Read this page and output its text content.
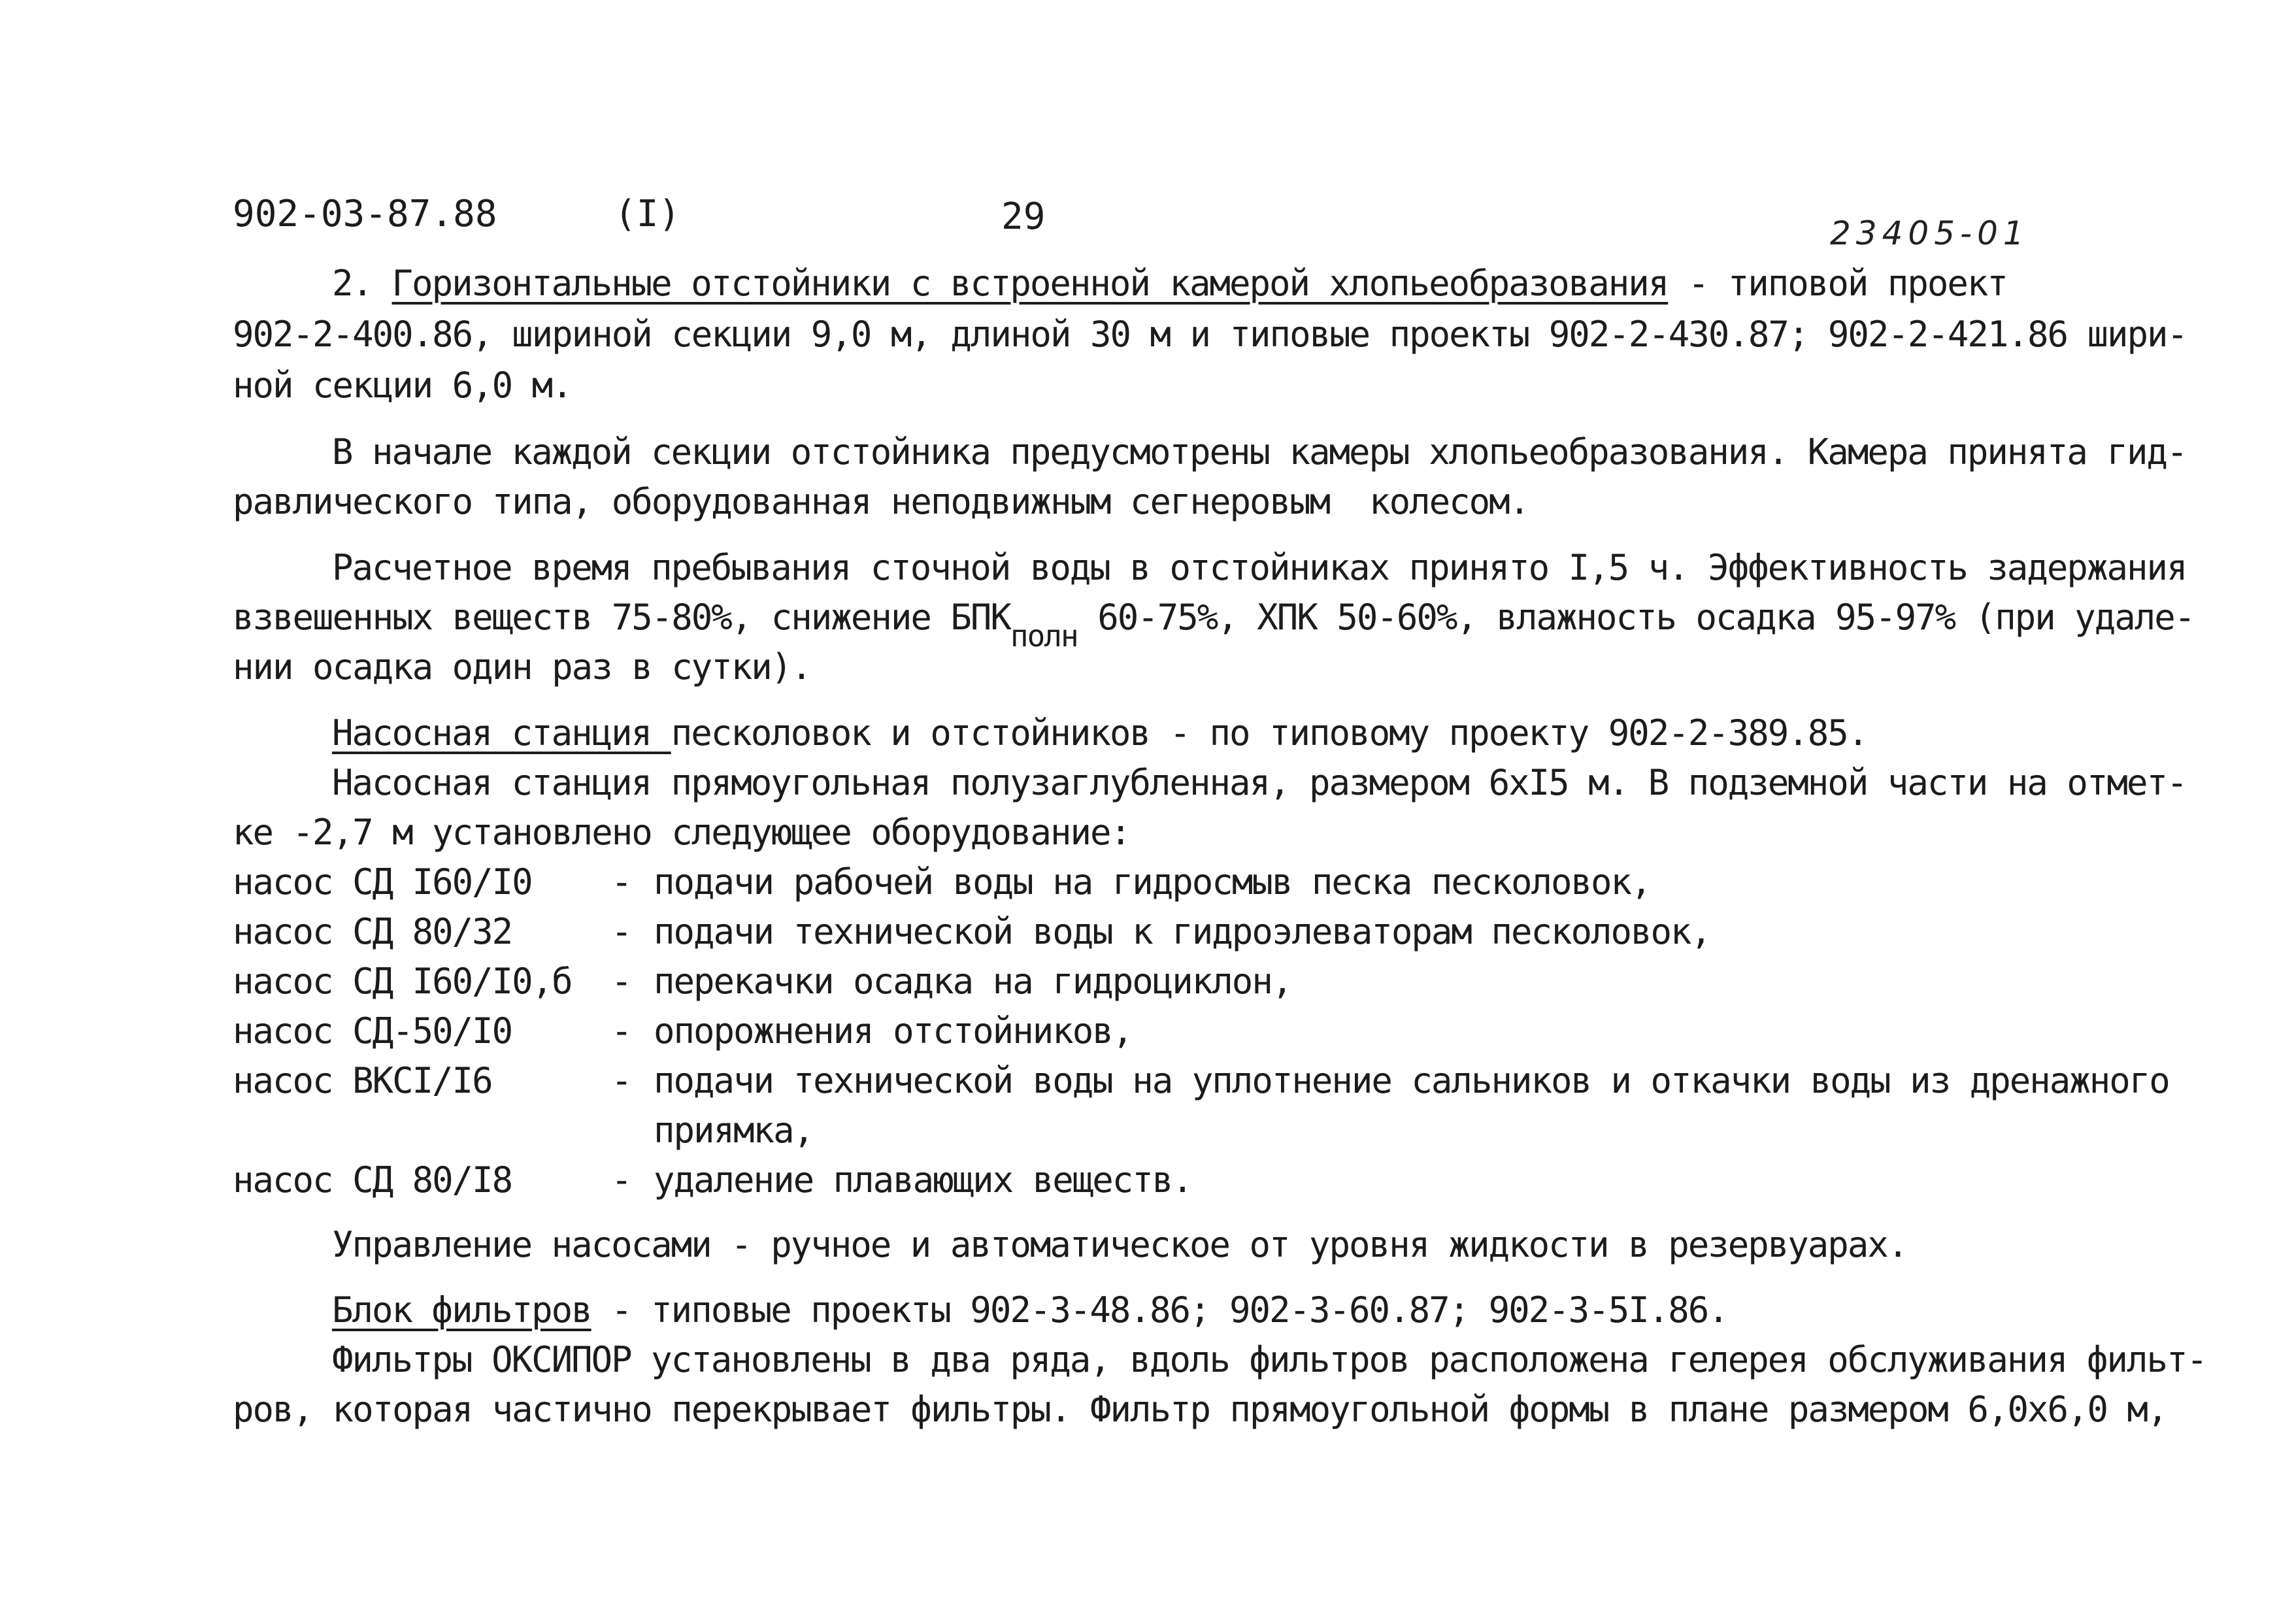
902-03-87.88	(I)	29	23405-01
2. Горизонтальные отстойники с встроенной камерой хлопьеобразования - типовой проект
902-2-400.86, шириной секции 9,0 м, длиной 30 м и типовые проекты 902-2-430.87; 902-2-421.86 шири-
ной секции 6,0 м.
В начале каждой секции отстойника предусмотрены камеры хлопьеобразования. Камера принята гид-
равлического типа, оборудованная неподвижным сегнеровым  колесом.
Расчетное время пребывания сточной воды в отстойниках принято I,5 ч. Эффективность задержания
взвешенных веществ 75-80%, снижение БПКполн 60-75%, ХПК 50-60%, влажность осадка 95-97% (при удале-
нии осадка один раз в сутки).
Насосная станция песколовок и отстойников - по типовому проекту 902-2-389.85.
Насосная станция прямоугольная полузаглубленная, размером 6хI5 м. В подземной части на отмет-
ке -2,7 м установлено следующее оборудование:
насос СД I60/I0 - подачи рабочей воды на гидросмыв песка песколовок,
насос СД 80/32	- подачи технической воды к гидроэлеваторам песколовок,
насос СД I60/I0,б - перекачки осадка на гидроциклон,
насос СД-50/I0	- опорожнения отстойников,
насос ВКСI/I6	- подачи технической воды на уплотнение сальников и откачки воды из дренажного
приямка,
насос СД 80/I8	- удаление плавающих веществ.
Управление насосами - ручное и автоматическое от уровня жидкости в резервуарах.
Блок фильтров - типовые проекты 902-3-48.86; 902-3-60.87; 902-3-5I.86.
Фильтры ОКСИПОР установлены в два ряда, вдоль фильтров расположена гелерея обслуживания фильт-
ров, которая частично перекрывает фильтры. Фильтр прямоугольной формы в плане размером 6,0х6,0 м,
